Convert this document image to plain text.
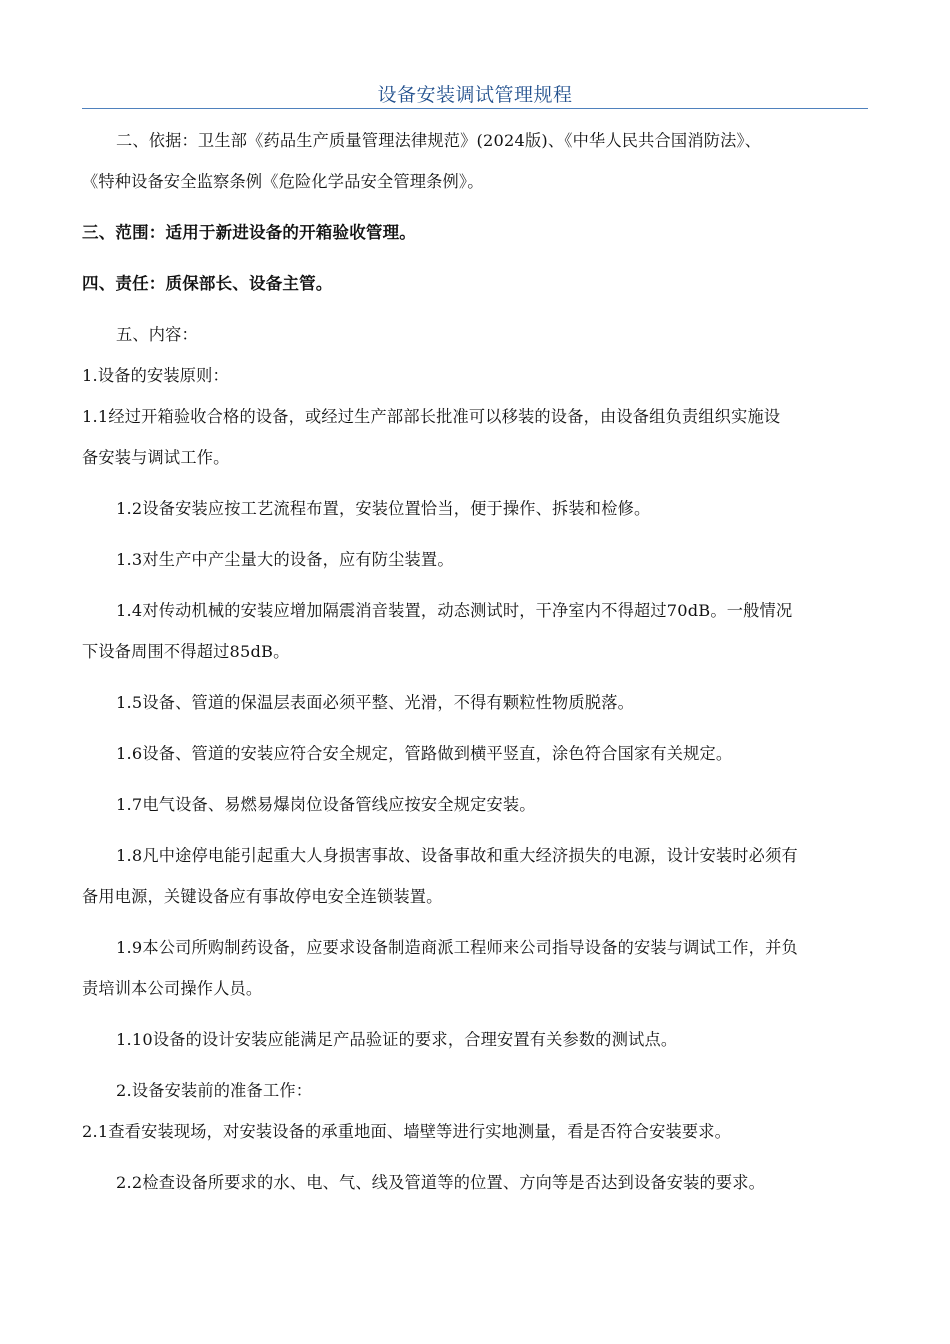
设备安装调试管理规程

二、依据：卫生部《药品生产质量管理法律规范》(2024版)、《中华人民共合国消防法》、

《特种设备安全监察条例《危险化学品安全管理条例》。

三、范围：适用于新进设备的开箱验收管理。

四、责任：质保部长、设备主管。

五、内容：

1.设备的安装原则：

1.1经过开箱验收合格的设备，或经过生产部部长批准可以移装的设备，由设备组负责组织实施设

备安装与调试工作。

1.2设备安装应按工艺流程布置，安装位置恰当，便于操作、拆装和检修。

1.3对生产中产尘量大的设备，应有防尘装置。

1.4对传动机械的安装应增加隔震消音装置，动态测试时，干净室内不得超过70dB。一般情况

下设备周围不得超过85dB。

1.5设备、管道的保温层表面必须平整、光滑，不得有颗粒性物质脱落。

1.6设备、管道的安装应符合安全规定，管路做到横平竖直，涂色符合国家有关规定。

1.7电气设备、易燃易爆岗位设备管线应按安全规定安装。

1.8凡中途停电能引起重大人身损害事故、设备事故和重大经济损失的电源，设计安装时必须有

备用电源，关键设备应有事故停电安全连锁装置。

1.9本公司所购制药设备，应要求设备制造商派工程师来公司指导设备的安装与调试工作，并负

责培训本公司操作人员。

1.10设备的设计安装应能满足产品验证的要求，合理安置有关参数的测试点。

2.设备安装前的准备工作：

2.1查看安装现场，对安装设备的承重地面、墙壁等进行实地测量，看是否符合安装要求。

2.2检查设备所要求的水、电、气、线及管道等的位置、方向等是否达到设备安装的要求。
